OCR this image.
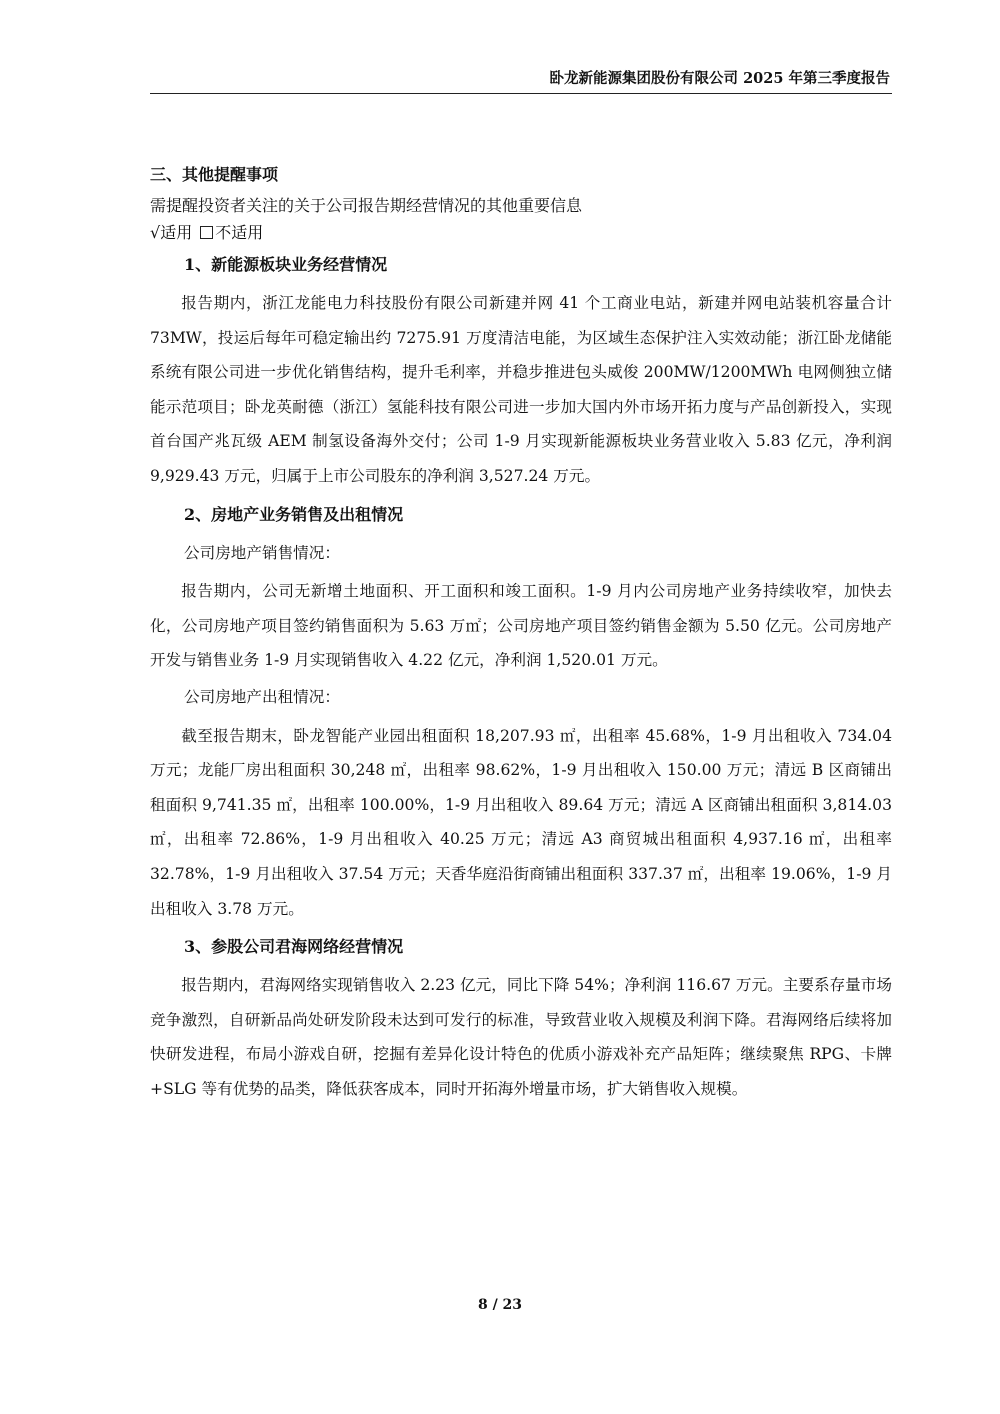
卧龙新能源集团股份有限公司 2025 年第三季度报告
三、其他提醒事项
需提醒投资者关注的关于公司报告期经营情况的其他重要信息
√适用 不适用
1、新能源板块业务经营情况

报告期内，浙江龙能电力科技股份有限公司新建并网 41 个工商业电站，新建并网电站装机容量合计 73MW，投运后每年可稳定输出约 7275.91 万度清洁电能，为区域生态保护注入实效动能；浙江卧龙储能系统有限公司进一步优化销售结构，提升毛利率，并稳步推进包头威俊 200MW/1200MWh 电网侧独立储能示范项目；卧龙英耐德（浙江）氢能科技有限公司进一步加大国内外市场开拓力度与产品创新投入，实现首台国产兆瓦级 AEM 制氢设备海外交付；公司 1-9 月实现新能源板块业务营业收入 5.83 亿元，净利润 9,929.43 万元，归属于上市公司股东的净利润 3,527.24 万元。

2、房地产业务销售及出租情况
公司房地产销售情况：

报告期内，公司无新增土地面积、开工面积和竣工面积。1-9 月内公司房地产业务持续收窄，加快去化，公司房地产项目签约销售面积为 5.63 万㎡；公司房地产项目签约销售金额为 5.50 亿元。公司房地产开发与销售业务 1-9 月实现销售收入 4.22 亿元，净利润 1,520.01 万元。

公司房地产出租情况：

截至报告期末，卧龙智能产业园出租面积 18,207.93 ㎡，出租率 45.68%，1-9 月出租收入 734.04 万元；龙能厂房出租面积 30,248 ㎡，出租率 98.62%，1-9 月出租收入 150.00 万元；清远 B 区商铺出租面积 9,741.35 ㎡，出租率 100.00%，1-9 月出租收入 89.64 万元；清远 A 区商铺出租面积 3,814.03 ㎡，出租率 72.86%，1-9 月出租收入 40.25 万元；清远 A3 商贸城出租面积 4,937.16 ㎡，出租率 32.78%，1-9 月出租收入 37.54 万元；天香华庭沿街商铺出租面积 337.37 ㎡，出租率 19.06%，1-9 月出租收入 3.78 万元。

3、参股公司君海网络经营情况

报告期内，君海网络实现销售收入 2.23 亿元，同比下降 54%；净利润 116.67 万元。主要系存量市场竞争激烈，自研新品尚处研发阶段未达到可发行的标准，导致营业收入规模及利润下降。君海网络后续将加快研发进程，布局小游戏自研，挖掘有差异化设计特色的优质小游戏补充产品矩阵；继续聚焦 RPG、卡牌+SLG 等有优势的品类，降低获客成本，同时开拓海外增量市场，扩大销售收入规模。

8 / 23
